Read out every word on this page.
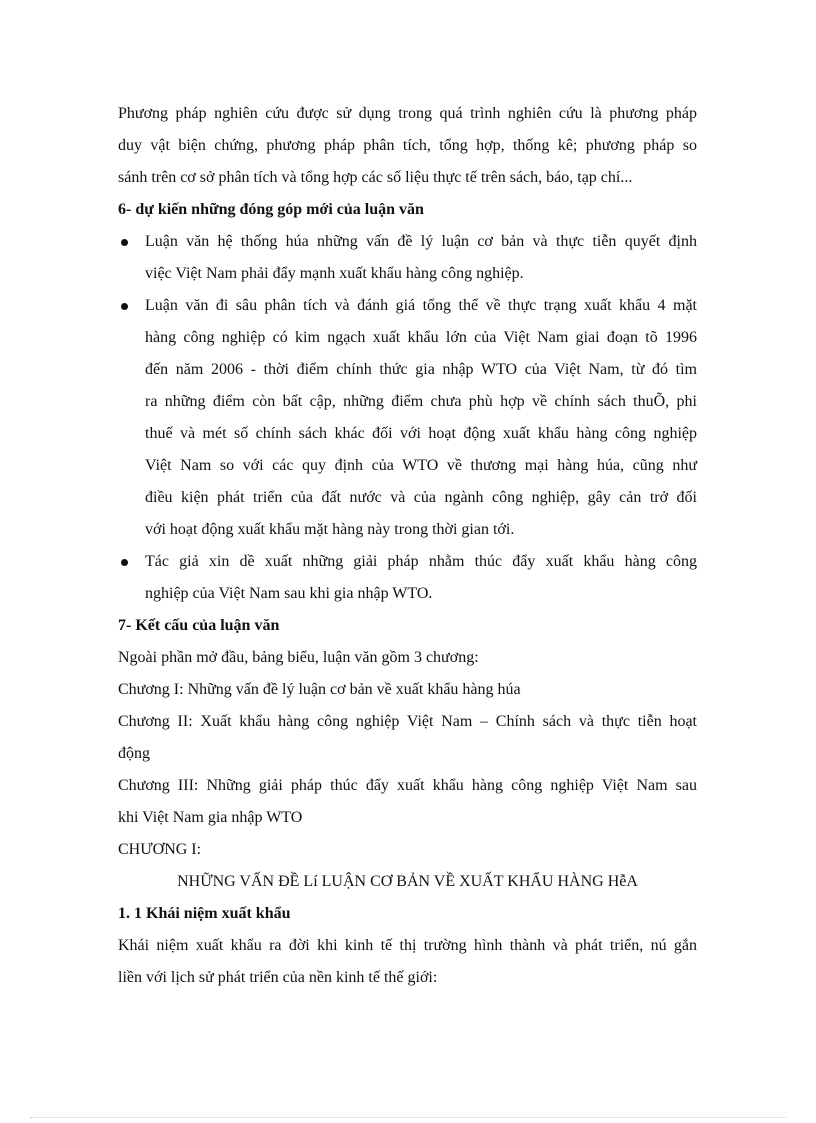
Phương pháp nghiên cứu được sử dụng trong quá trình nghiên cứu là phương pháp
duy vật biện chứng, phương pháp phân tích, tổng hợp, thống kê; phương pháp so
sánh trên cơ sở phân tích và tổng hợp các số liệu thực tế trên sách, báo, tạp chí...
6- dự kiến những đóng góp mới của luận văn
Luận văn hệ thống húa những vấn đề lý luận cơ bản và thực tiễn quyết định
việc Việt Nam phải đẩy mạnh xuất khẩu hàng công nghiệp.
Luận văn đi sâu phân tích và đánh giá tổng thể về thực trạng xuất khẩu 4 mặt
hàng công nghiệp có kim ngạch xuất khẩu lớn của Việt Nam giai đoạn tõ 1996
đến năm 2006 - thời điểm chính thức gia nhập WTO của Việt Nam, từ đó tìm
ra những điểm còn bất cập, những điểm chưa phù hợp về chính sách thuÕ, phi
thuế và mét số chính sách khác đối với hoạt động xuất khẩu hàng công nghiệp
Việt Nam so với các quy định của WTO về thương mại hàng húa, cũng như
điều kiện phát triển của đất nước và của ngành công nghiệp, gây cản trở đối
với hoạt động xuất khẩu mặt hàng này trong thời gian tới.
Tác giả xin dề xuất những giải pháp nhằm thúc đẩy xuất khẩu hàng công
nghiệp của Việt Nam sau khi gia nhập WTO.
7- Kết cấu của luận văn
Ngoài phần mở đầu, bảng biểu, luận văn gồm 3 chương:
Chương I: Những vấn đề lý luận cơ bản về xuất khẩu hàng húa
Chương II: Xuất khẩu hàng công nghiệp Việt Nam – Chính sách và thực tiễn hoạt
động
Chương III: Những giải pháp thúc đẩy xuất khẩu hàng công nghiệp Việt Nam sau
khi Việt Nam gia nhập WTO
CHƯƠNG I:
NHỮNG VẤN ĐỀ Lí LUẬN CƠ BẢN VỀ XUẤT KHẨU HÀNG HễA
1. 1 Khái niệm xuất khẩu
Khái niệm xuất khẩu ra đời khi kinh tế thị trường hình thành và phát triển, nú gắn
liền với lịch sử phát triển của nền kinh tế thế giới:
